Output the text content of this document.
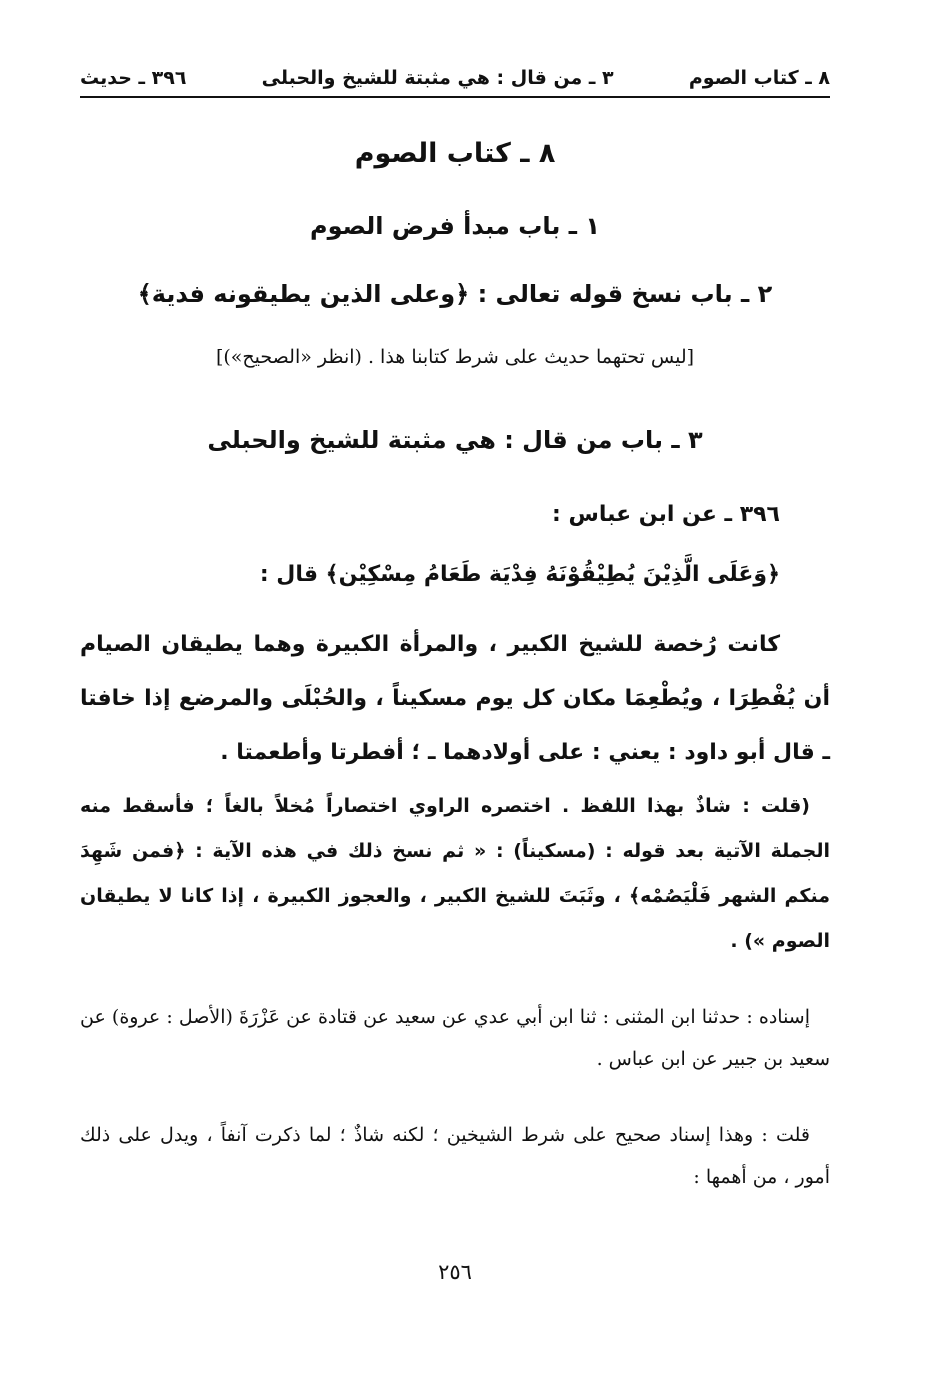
٨ ـ كتاب الصوم
٣ ـ من قال : هي مثبتة للشيخ والحبلى
٣٩٦ ـ حديث
٨ ـ كتاب الصوم
١ ـ باب مبدأ فرض الصوم
٢ ـ باب نسخ قوله تعالى : ﴿وعلى الذين يطيقونه فدية﴾
[ليس تحتهما حديث على شرط كتابنا هذا . (انظر «الصحيح»)]
٣ ـ باب من قال : هي مثبتة للشيخ والحبلى
٣٩٦ ـ عن ابن عباس :
﴿وَعَلَى الَّذِيْنَ يُطِيْقُوْنَهُ فِدْيَة طَعَامُ مِسْكِيْن﴾ قال :
كانت رُخصة للشيخ الكبير ، والمرأة الكبيرة وهما يطيقان الصيام أن يُفْطِرَا ، ويُطْعِمَا مكان كل يوم مسكيناً ، والحُبْلَى والمرضع إذا خافتا ـ قال أبو داود : يعني : على أولادهما ـ ؛ أفطرتا وأطعمتا .
(قلت : شاذٌ بهذا اللفظ . اختصره الراوي اختصاراً مُخلاً بالغاً ؛ فأسقط منه الجملة الآتية بعد قوله : (مسكيناً) : « ثم نسخ ذلك في هذه الآية : ﴿فمن شَهِدَ منكم الشهر فَلْيَصُمْه﴾ ، وثَبَتَ للشيخ الكبير ، والعجوز الكبيرة ، إذا كانا لا يطيقان الصوم ») .
إسناده : حدثنا ابن المثنى : ثنا ابن أبي عدي عن سعيد عن قتادة عن عَزْرَةَ (الأصل : عروة) عن سعيد بن جبير عن ابن عباس .
قلت : وهذا إسناد صحيح على شرط الشيخين ؛ لكنه شاذٌ ؛ لما ذكرت آنفاً ، ويدل على ذلك أمور ، من أهمها :
٢٥٦
